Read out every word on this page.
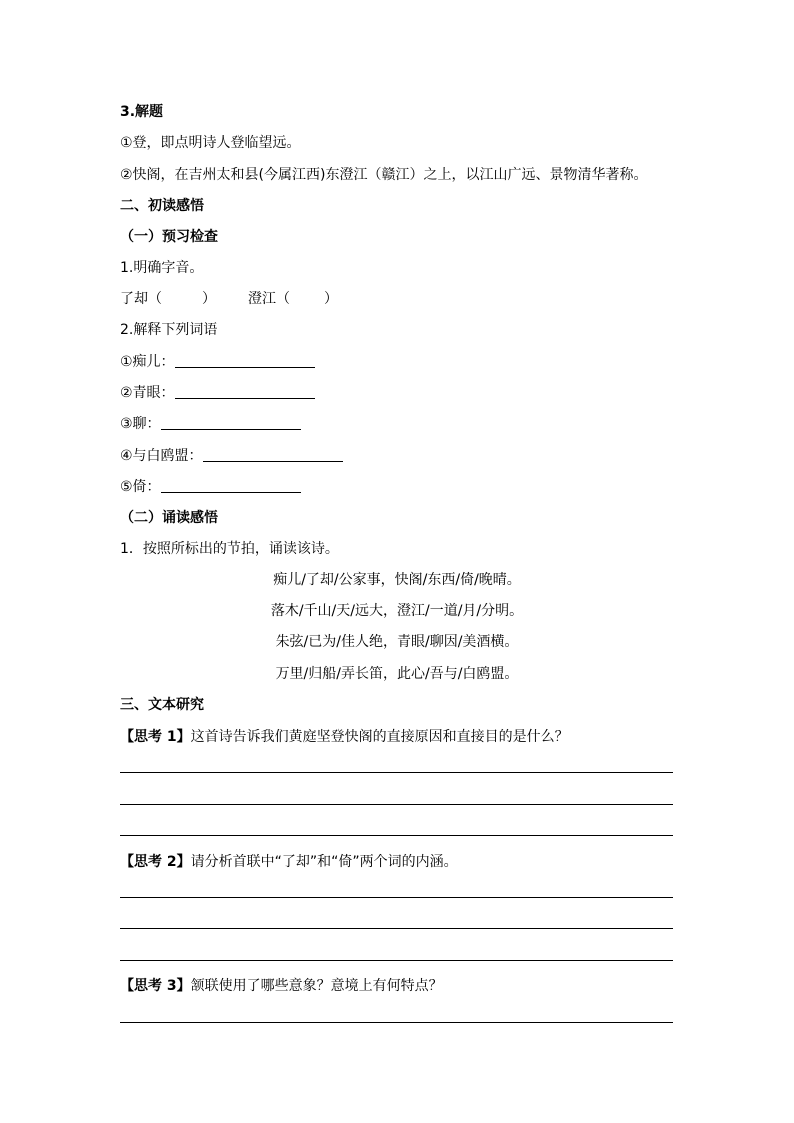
3.解题
①登，即点明诗人登临望远。
②快阁，在吉州太和县(今属江西)东澄江（赣江）之上，以江山广远、景物清华著称。
二、初读感悟
（一）预习检查
1.明确字音。
了却（	） 澄江（ ）
2.解释下列词语
①痴儿：
②青眼：
③聊：
④与白鸥盟：
⑤倚：
（二）诵读感悟
1．按照所标出的节拍，诵读该诗。
痴儿/了却/公家事，快阁/东西/倚/晚晴。
落木/千山/天/远大，澄江/一道/月/分明。
朱弦/已为/佳人绝，青眼/聊因/美酒横。
万里/归船/弄长笛，此心/吾与/白鸥盟。
三、文本研究
【思考 1】这首诗告诉我们黄庭坚登快阁的直接原因和直接目的是什么？
【思考 2】请分析首联中“了却”和“倚”两个词的内涵。
【思考 3】颔联使用了哪些意象？意境上有何特点？
